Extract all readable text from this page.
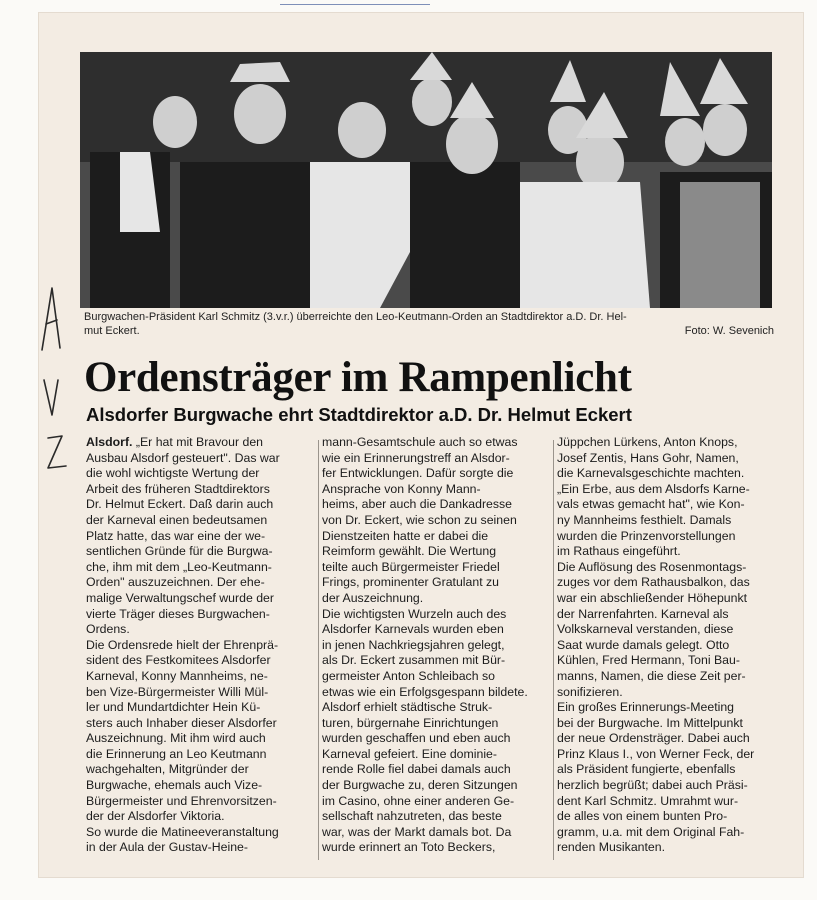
Burgwachen-Präsident Karl Schmitz (3.v.r.) überreichte den Leo-Keutmann-Orden an Stadtdirektor a.D. Dr. Hel-
mut Eckert.	Foto: W. Sevenich
Ordensträger im Rampenlicht
Alsdorfer Burgwache ehrt Stadtdirektor a.D. Dr. Helmut Eckert

Alsdorf. „Er hat mit Bravour den

Ausbau Alsdorf gesteuert". Das war

die wohl wichtigste Wertung der

Arbeit des früheren Stadtdirektors

Dr. Helmut Eckert. Daß darin auch

der Karneval einen bedeutsamen

Platz hatte, das war eine der we-

sentlichen Gründe für die Burgwa-

che, ihm mit dem „Leo-Keutmann-

Orden" auszuzeichnen. Der ehe-

malige Verwaltungschef wurde der

vierte Träger dieses Burgwachen-

Ordens.

Die Ordensrede hielt der Ehrenprä-

sident des Festkomitees Alsdorfer

Karneval, Konny Mannheims, ne-

ben Vize-Bürgermeister Willi Mül-

ler und Mundartdichter Hein Kü-

sters auch Inhaber dieser Alsdorfer

Auszeichnung. Mit ihm wird auch

die Erinnerung an Leo Keutmann

wachgehalten, Mitgründer der

Burgwache, ehemals auch Vize-

Bürgermeister und Ehrenvorsitzen-

der der Alsdorfer Viktoria.

So wurde die Matineeveranstaltung

in der Aula der Gustav-Heine-

mann-Gesamtschule auch so etwas

wie ein Erinnerungstreff an Alsdor-

fer Entwicklungen. Dafür sorgte die

Ansprache von Konny Mann-

heims, aber auch die Dankadresse

von Dr. Eckert, wie schon zu seinen

Dienstzeiten hatte er dabei die

Reimform gewählt. Die Wertung

teilte auch Bürgermeister Friedel

Frings, prominenter Gratulant zu

der Auszeichnung.

Die wichtigsten Wurzeln auch des

Alsdorfer Karnevals wurden eben

in jenen Nachkriegsjahren gelegt,

als Dr. Eckert zusammen mit Bür-

germeister Anton Schleibach so

etwas wie ein Erfolgsgespann bildete.

Alsdorf erhielt städtische Struk-

turen, bürgernahe Einrichtungen

wurden geschaffen und eben auch

Karneval gefeiert. Eine dominie-

rende Rolle fiel dabei damals auch

der Burgwache zu, deren Sitzungen

im Casino, ohne einer anderen Ge-

sellschaft nahzutreten, das beste

war, was der Markt damals bot. Da

wurde erinnert an Toto Beckers,

Jüppchen Lürkens, Anton Knops,

Josef Zentis, Hans Gohr, Namen,

die Karnevalsgeschichte machten.

„Ein Erbe, aus dem Alsdorfs Karne-

vals etwas gemacht hat", wie Kon-

ny Mannheims festhielt. Damals

wurden die Prinzenvorstellungen

im Rathaus eingeführt.

Die Auflösung des Rosenmontags-

zuges vor dem Rathausbalkon, das

war ein abschließender Höhepunkt

der Narrenfahrten. Karneval als

Volkskarneval verstanden, diese

Saat wurde damals gelegt. Otto

Kühlen, Fred Hermann, Toni Bau-

manns, Namen, die diese Zeit per-

sonifizieren.

Ein großes Erinnerungs-Meeting

bei der Burgwache. Im Mittelpunkt

der neue Ordensträger. Dabei auch

Prinz Klaus I., von Werner Feck, der

als Präsident fungierte, ebenfalls

herzlich begrüßt; dabei auch Präsi-

dent Karl Schmitz. Umrahmt wur-

de alles von einem bunten Pro-

gramm, u.a. mit dem Original Fah-

renden Musikanten.

A V Z
